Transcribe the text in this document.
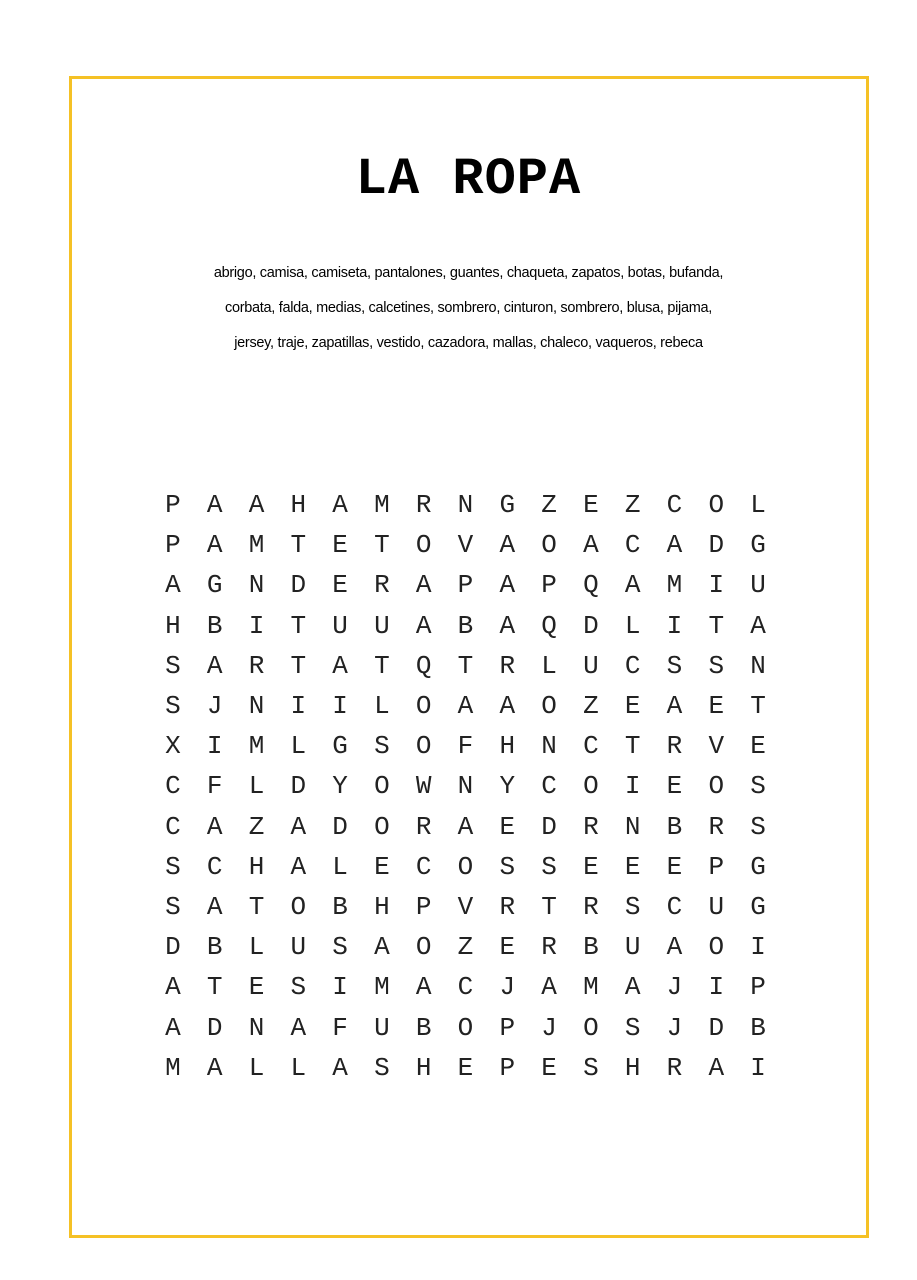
LA ROPA
abrigo, camisa, camiseta, pantalones, guantes, chaqueta, zapatos, botas, bufanda,
corbata, falda, medias, calcetines, sombrero, cinturon, sombrero, blusa, pijama,
jersey, traje, zapatillas, vestido, cazadora, mallas, chaleco, vaqueros, rebeca
P	A	A	H	A	M	R	N	G	Z	E	Z	C	O	L
P	A	M	T	E	T	O	V	A	O	A	C	A	D	G
A	G	N	D	E	R	A	P	A	P	Q	A	M	I	U
H	B	I	T	U	U	A	B	A	Q	D	L	I	T	A
S	A	R	T	A	T	Q	T	R	L	U	C	S	S	N
S	J	N	I	I	L	O	A	A	O	Z	E	A	E	T
X	I	M	L	G	S	O	F	H	N	C	T	R	V	E
C	F	L	D	Y	O	W	N	Y	C	O	I	E	O	S
C	A	Z	A	D	O	R	A	E	D	R	N	B	R	S
S	C	H	A	L	E	C	O	S	S	E	E	E	P	G
S	A	T	O	B	H	P	V	R	T	R	S	C	U	G
D	B	L	U	S	A	O	Z	E	R	B	U	A	O	I
A	T	E	S	I	M	A	C	J	A	M	A	J	I	P
A	D	N	A	F	U	B	O	P	J	O	S	J	D	B
M	A	L	L	A	S	H	E	P	E	S	H	R	A	I
